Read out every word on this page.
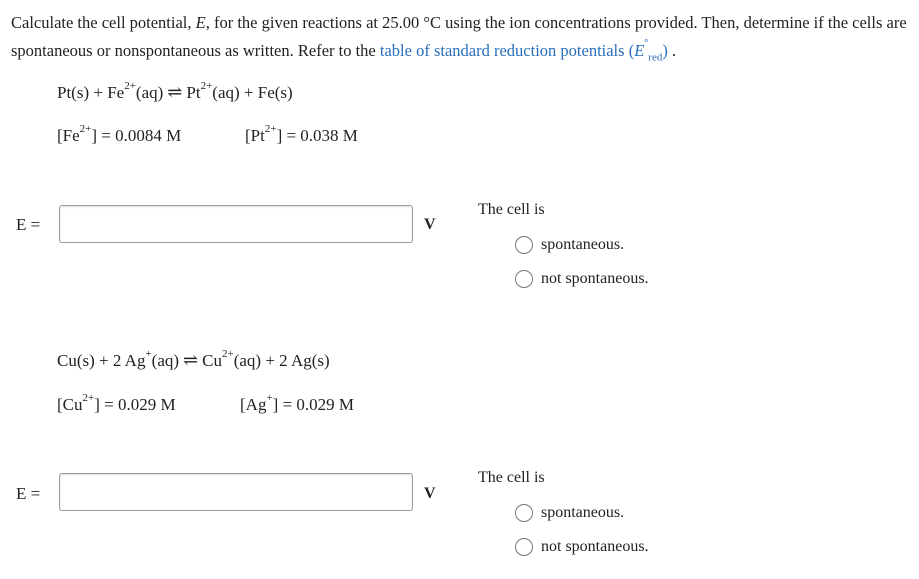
Calculate the cell potential, E, for the given reactions at 25.00 °C using the ion concentrations provided. Then, determine if the cells are spontaneous or nonspontaneous as written. Refer to the table of standard reduction potentials $(E^\circ_{red})$ .
$Pt(s) + Fe^{2+}(aq)$ ⇌ $Pt^{2+}(aq) + Fe(s)$
$[Fe^{2+}] = 0.0084$ M	$[Pt^{2+}] = 0.038$ M
E =	V
The cell is
spontaneous.
not spontaneous.
Cu(s) + 2 Ag+(aq) ⇌ $Cu^{2+}(aq) + 2$ Ag(s)
$[Cu^{2+}] = 0.029$ M	[Ag+] = 0.029 M
E =	V
The cell is
spontaneous.
not spontaneous.
